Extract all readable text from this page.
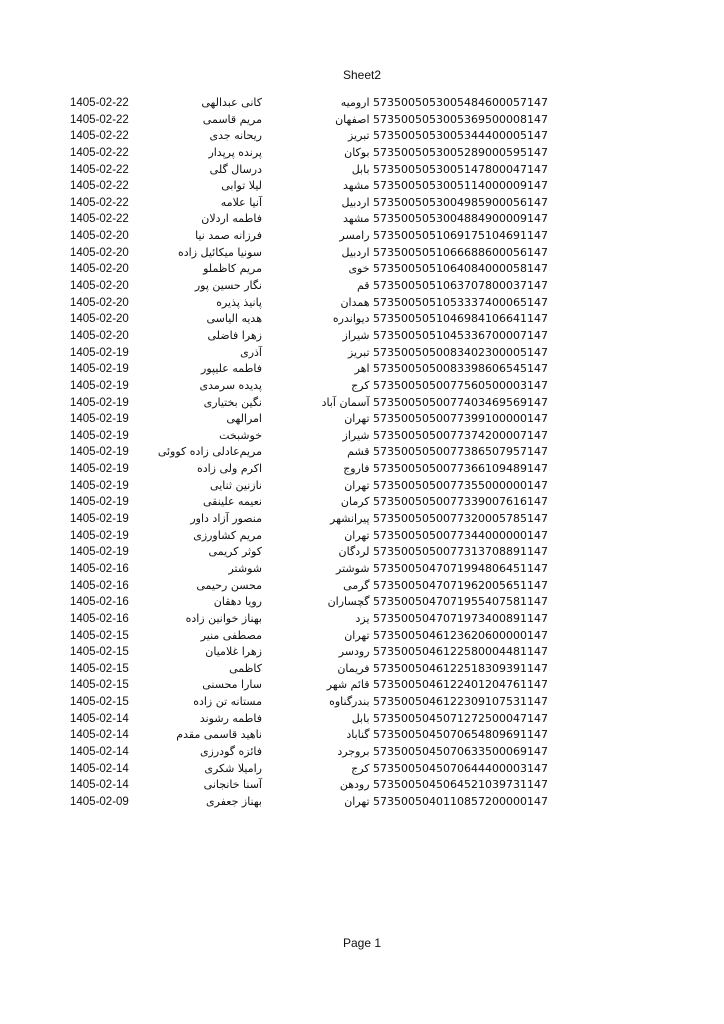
Sheet2
1405-02-22	کانی عبدالهی	5735005053005484600057147 ارومیه
1405-02-22	مریم قاسمی	5735005053005369500008147 اصفهان
1405-02-22	ریحانه جدی	5735005053005344400005147 تبریز
1405-02-22	پرنده پرپدار	5735005053005289000595147 بوکان
1405-02-22	درسال گلی	5735005053005147800047147 بابل
1405-02-22	لیلا توابی	5735005053005114000009147 مشهد
1405-02-22	آنیا علامه	5735005053004985900056147 اردبیل
1405-02-22	فاطمه اردلان	5735005053004884900009147 مشهد
1405-02-20	فرزانه صمد نیا	5735005051069175104691147 رامسر
1405-02-20	سونیا میکائیل زاده	5735005051066688600056147 اردبیل
1405-02-20	مریم کاظملو	5735005051064084000058147 خوی
1405-02-20	نگار حسین پور	5735005051063707800037147 قم
1405-02-20	پانیذ پذیره	5735005051053337400065147 همدان
1405-02-20	هدیه الیاسی	5735005051046984106641147 دیواندره
1405-02-20	زهرا فاضلی	5735005051045336700007147 شیراز
1405-02-19	آذری	5735005050083402300005147 تبریز
1405-02-19	فاطمه علیپور	5735005050083398606545147 اهر
1405-02-19	پدیده سرمدی	5735005050077560500003147 کرج
1405-02-19	نگین بختیاری	5735005050077403469569147 آسمان آباد
1405-02-19	امرالهی	5735005050077399100000147 تهران
1405-02-19	خوشبخت	5735005050077374200007147 شیراز
1405-02-19	مریم‌عادلی زاده کووئی	5735005050077386507957147 قشم
1405-02-19	اکرم ولی زاده	5735005050077366109489147 فاروج
1405-02-19	نازنین ثنایی	5735005050077355000000147 تهران
1405-02-19	نعیمه علینقی	5735005050077339007616147 کرمان
1405-02-19	منصور آزاد داور	5735005050077320005785147 پیرانشهر
1405-02-19	مریم کشاورزی	5735005050077344000000147 تهران
1405-02-19	کوثر کریمی	5735005050077313708891147 لردگان
1405-02-16	شوشتر	5735005047071994806451147 شوشتر
1405-02-16	محسن رحیمی	5735005047071962005651147 گرمی
1405-02-16	رویا دهقان	5735005047071955407581147 گچساران
1405-02-16	بهناز خوانین زاده	5735005047071973400891147 یزد
1405-02-15	مصطفی منیر	5735005046123620600000147 تهران
1405-02-15	زهرا غلامیان	5735005046122580004481147 رودسر
1405-02-15	کاظمی	5735005046122518309391147 فریمان
1405-02-15	سارا محسنی	5735005046122401204761147 قائم شهر
1405-02-15	مستانه تن زاده	5735005046122309107531147 بندرگناوه
1405-02-14	فاطمه رشوند	5735005045071272500047147 بابل
1405-02-14	ناهید قاسمی مقدم	5735005045070654809691147 گناباد
1405-02-14	فائزه گودرزی	5735005045070633500069147 بروجرد
1405-02-14	رامیلا شکری	5735005045070644400003147 کرج
1405-02-14	آسنا خانجانی	5735005045064521039731147 رودهن
1405-02-09	بهناز جعفری	5735005040110857200000147 تهران
Page 1
